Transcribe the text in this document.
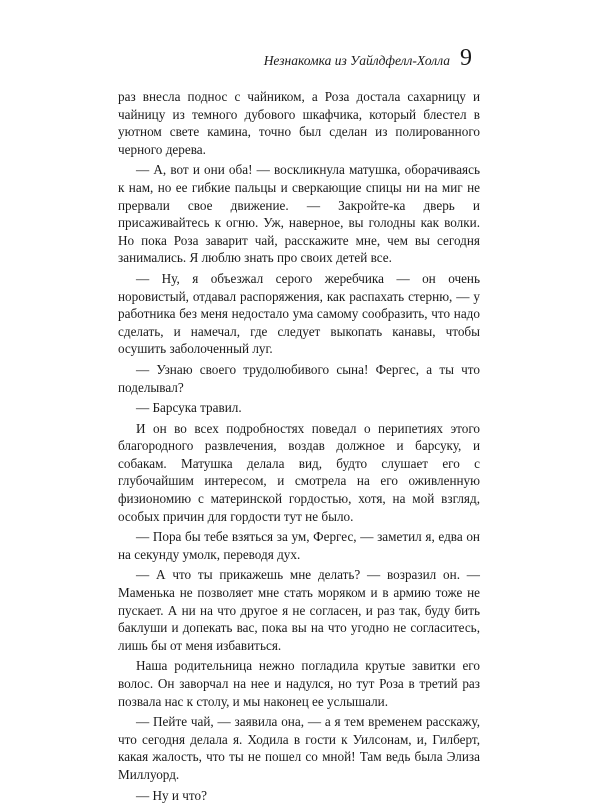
Незнакомка из Уайлдфелл-Холла 9

раз внесла поднос с чайником, а Роза достала сахарницу и чайницу из темного дубового шкафчика, который блестел в уютном свете камина, точно был сделан из полированного черного дерева.

— А, вот и они оба! — воскликнула матушка, оборачиваясь к нам, но ее гибкие пальцы и сверкающие спицы ни на миг не прервали свое движение. — Закройте-ка дверь и присаживайтесь к огню. Уж, наверное, вы голодны как волки. Но пока Роза заварит чай, расскажите мне, чем вы сегодня занимались. Я люблю знать про своих детей все.

— Ну, я объезжал серого жеребчика — он очень норовистый, отдавал распоряжения, как распахать стерню, — у работника без меня недостало ума самому сообразить, что надо сделать, и намечал, где следует выкопать канавы, чтобы осушить заболоченный луг.

— Узнаю своего трудолюбивого сына! Фергес, а ты что поделывал?

— Барсука травил.

И он во всех подробностях поведал о перипетиях этого благородного развлечения, воздав должное и барсуку, и собакам. Матушка делала вид, будто слушает его с глубочайшим интересом, и смотрела на его оживленную физиономию с материнской гордостью, хотя, на мой взгляд, особых причин для гордости тут не было.

— Пора бы тебе взяться за ум, Фергес, — заметил я, едва он на секунду умолк, переводя дух.

— А что ты прикажешь мне делать? — возразил он. — Маменька не позволяет мне стать моряком и в армию тоже не пускает. А ни на что другое я не согласен, и раз так, буду бить баклуши и допекать вас, пока вы на что угодно не согласитесь, лишь бы от меня избавиться.

Наша родительница нежно погладила крутые завитки его волос. Он заворчал на нее и надулся, но тут Роза в третий раз позвала нас к столу, и мы наконец ее услышали.

— Пейте чай, — заявила она, — а я тем временем расскажу, что сегодня делала я. Ходила в гости к Уилсонам, и, Гилберт, какая жалость, что ты не пошел со мной! Там ведь была Элиза Миллуорд.

— Ну и что?
